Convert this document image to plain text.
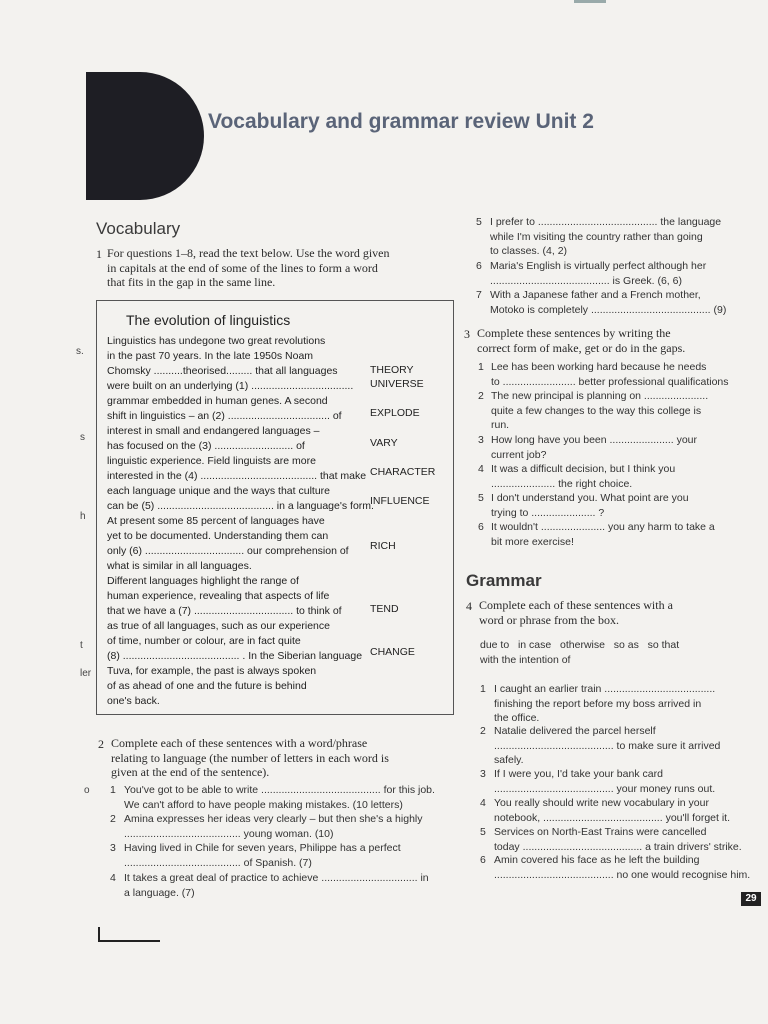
Vocabulary and grammar review Unit 2
s.
s
h
t
ler
o
Vocabulary
1 For questions 1–8, read the text below. Use the word given
in capitals at the end of some of the lines to form a word
that fits in the gap in the same line.
The evolution of linguistics
Linguistics has undegone two great revolutions
in the past 70 years. In the late 1950s Noam
Chomsky ..........theorised......... that all languages
were built on an underlying (1) ...................................
grammar embedded in human genes. A second
shift in linguistics – an (2) ................................... of
interest in small and endangered languages –
has focused on the (3) ........................... of
linguistic experience. Field linguists are more
interested in the (4) ........................................ that make
each language unique and the ways that culture
can be (5) ........................................ in a language's form.
At present some 85 percent of languages have
yet to be documented. Understanding them can
only (6) .................................. our comprehension of
what is similar in all languages.
Different languages highlight the range of
human experience, revealing that aspects of life
that we have a (7) .................................. to think of
as true of all languages, such as our experience
of time, number or colour, are in fact quite
(8) ........................................ . In the Siberian language
Tuva, for example, the past is always spoken
of as ahead of one and the future is behind
one's back.
THEORY
UNIVERSE
EXPLODE
VARY
CHARACTER
INFLUENCE
RICH
TEND
CHANGE
2 Complete each of these sentences with a word/phrase
relating to language (the number of letters in each word is
given at the end of the sentence).
1 You've got to be able to write ......................................... for this job.
We can't afford to have people making mistakes. (10 letters)
2 Amina expresses her ideas very clearly – but then she's a highly
........................................ young woman. (10)
3 Having lived in Chile for seven years, Philippe has a perfect
........................................ of Spanish. (7)
4 It takes a great deal of practice to achieve ................................. in
a language. (7)
5 I prefer to ......................................... the language
while I'm visiting the country rather than going
to classes. (4, 2)
6 Maria's English is virtually perfect although her
......................................... is Greek. (6, 6)
7 With a Japanese father and a French mother,
Motoko is completely ......................................... (9)
3 Complete these sentences by writing the
correct form of make, get or do in the gaps.
1 Lee has been working hard because he needs
to ......................... better professional qualifications
2 The new principal is planning on ......................
quite a few changes to the way this college is
run.
3 How long have you been ...................... your
current job?
4 It was a difficult decision, but I think you
...................... the right choice.
5 I don't understand you. What point are you
trying to ...................... ?
6 It wouldn't ...................... you any harm to take a
bit more exercise!
Grammar
4 Complete each of these sentences with a
word or phrase from the box.
due to in case otherwise so as so that
with the intention of
1 I caught an earlier train ......................................
finishing the report before my boss arrived in
the office.
2 Natalie delivered the parcel herself
......................................... to make sure it arrived
safely.
3 If I were you, I'd take your bank card
......................................... your money runs out.
4 You really should write new vocabulary in your
notebook, ......................................... you'll forget it.
5 Services on North-East Trains were cancelled
today ......................................... a train drivers' strike.
6 Amin covered his face as he left the building
......................................... no one would recognise him.
29
